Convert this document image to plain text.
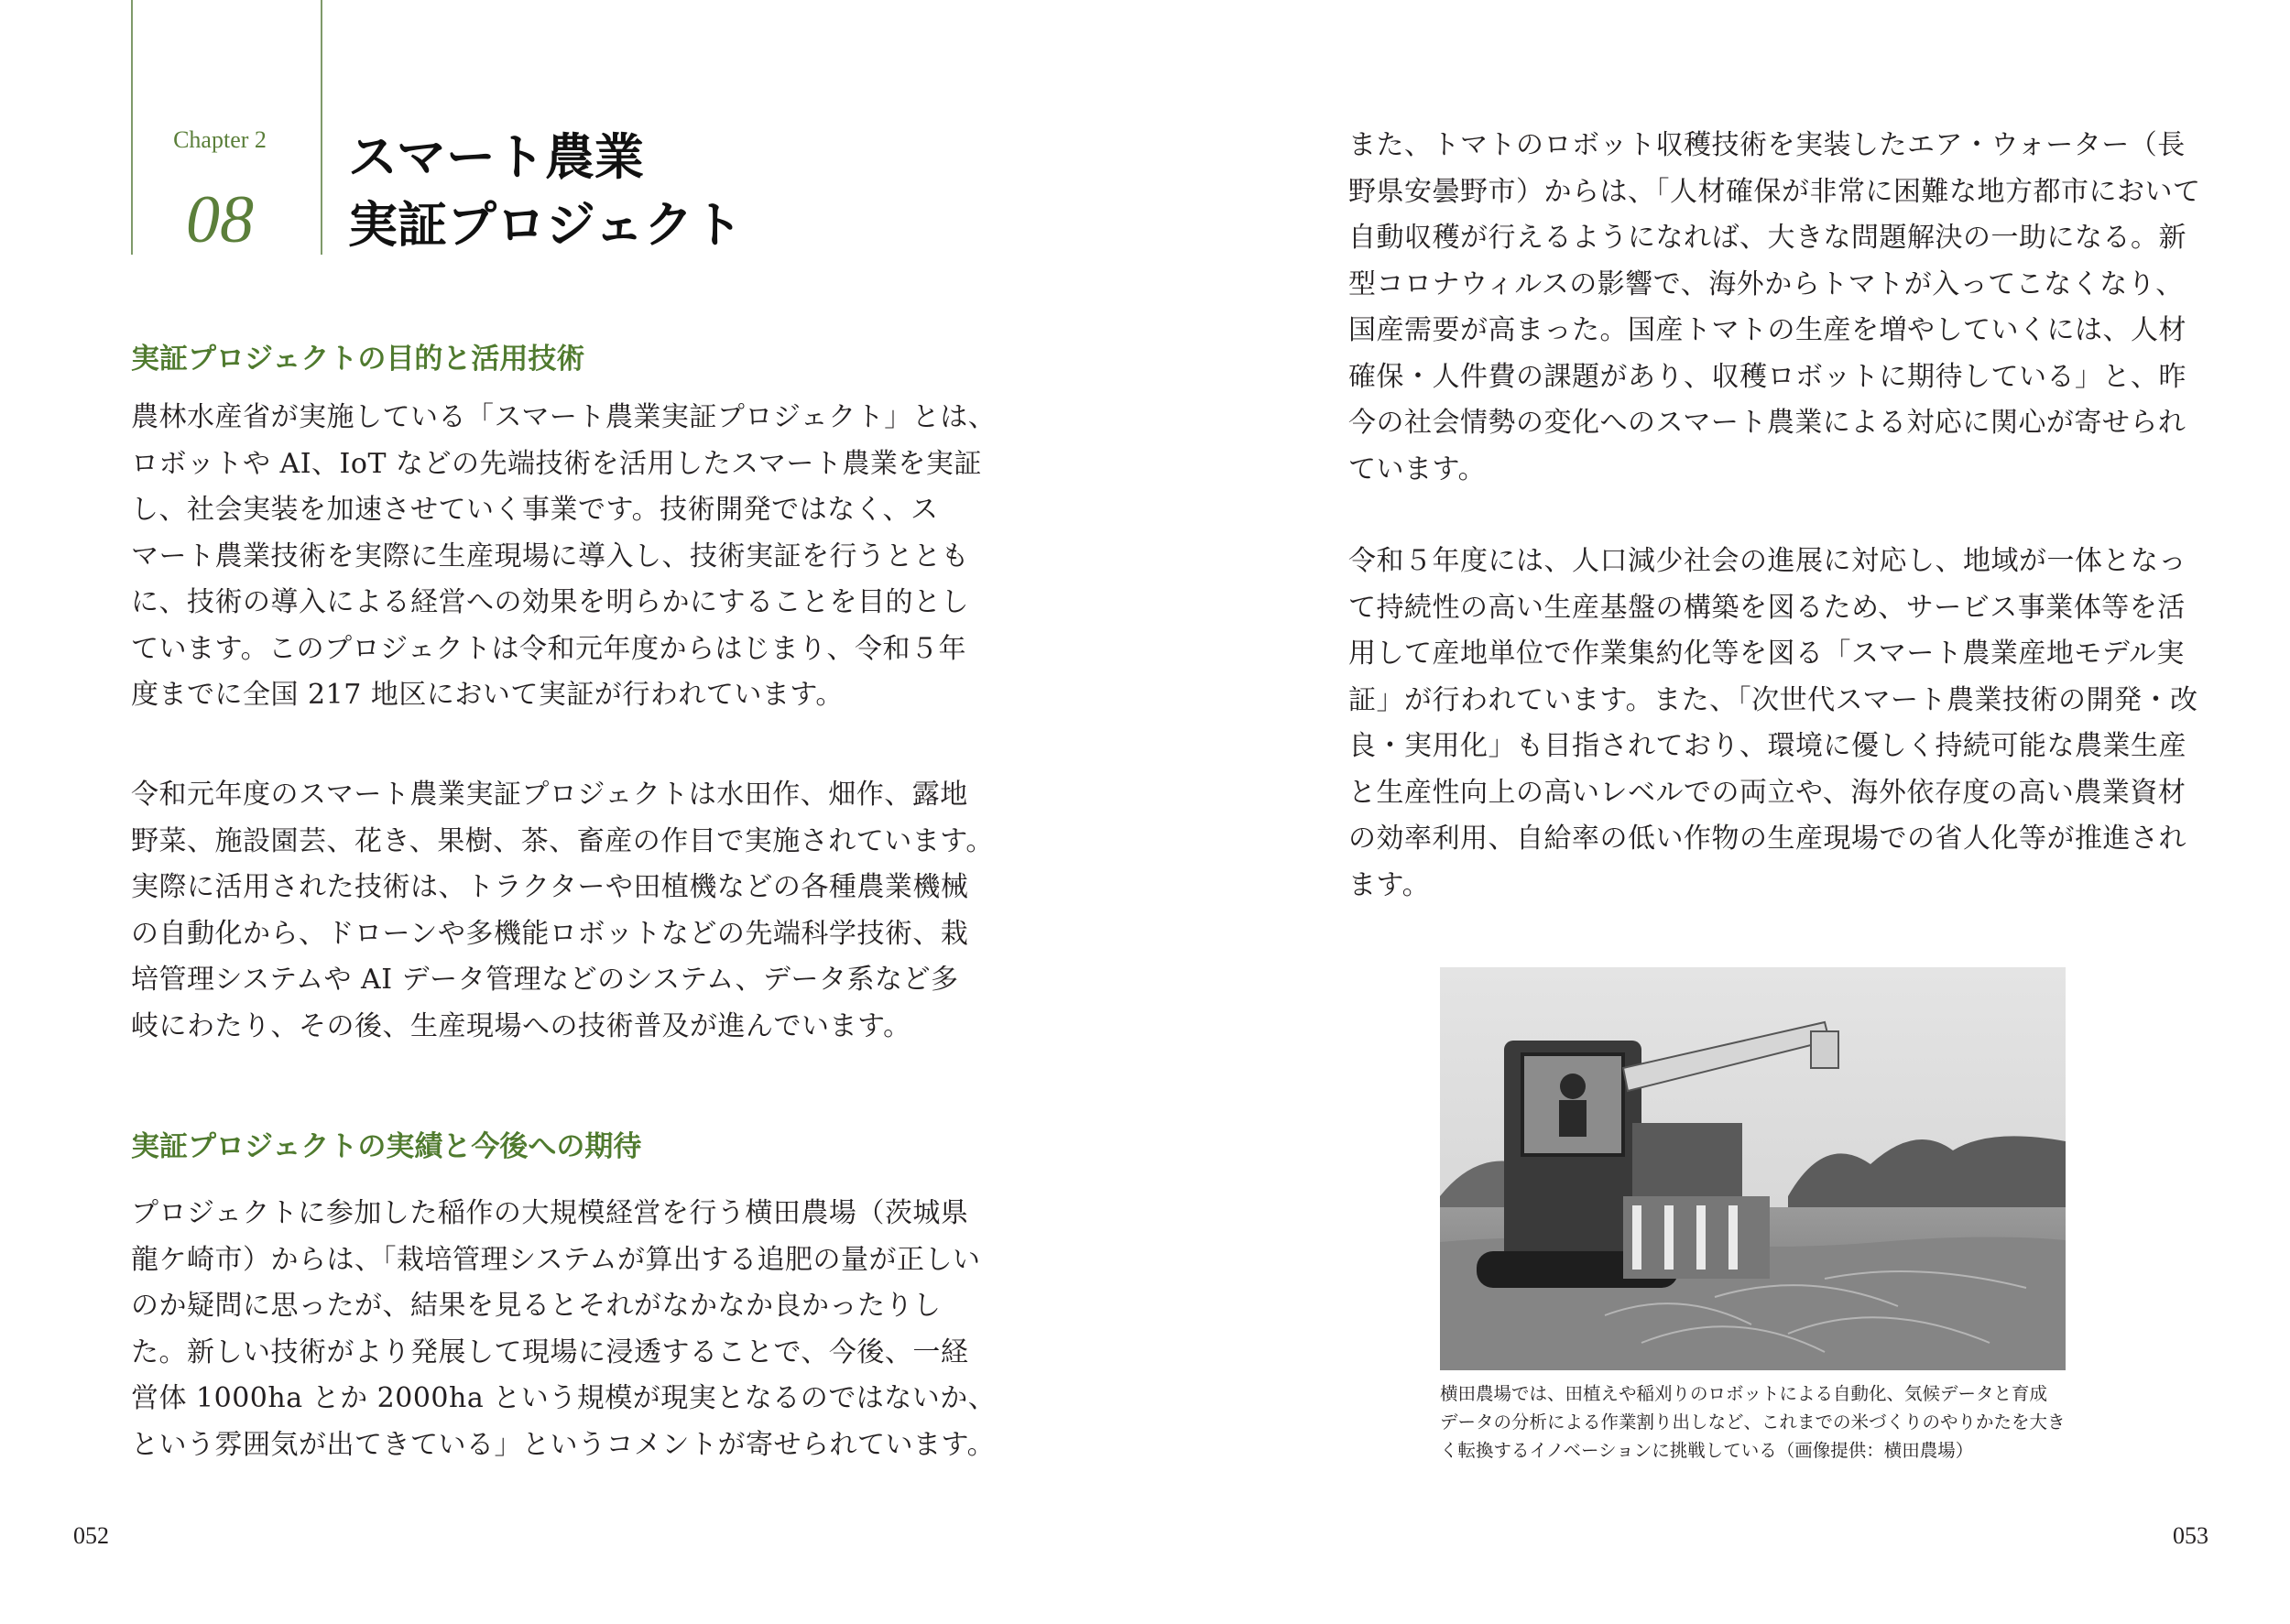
Chapter 2

08

スマート農業

実証プロジェクト

実証プロジェクトの目的と活用技術

農林水産省が実施している「スマート農業実証プロジェクト」とは、
ロボットや AI、IoT などの先端技術を活用したスマート農業を実証
し、社会実装を加速させていく事業です。技術開発ではなく、ス
マート農業技術を実際に生産現場に導入し、技術実証を行うととも
に、技術の導入による経営への効果を明らかにすることを目的とし
ています。このプロジェクトは令和元年度からはじまり、令和５年
度までに全国 217 地区において実証が行われています。
令和元年度のスマート農業実証プロジェクトは水田作、畑作、露地
野菜、施設園芸、花き、果樹、茶、畜産の作目で実施されています。
実際に活用された技術は、トラクターや田植機などの各種農業機械
の自動化から、ドローンや多機能ロボットなどの先端科学技術、栽
培管理システムや AI データ管理などのシステム、データ系など多
岐にわたり、その後、生産現場への技術普及が進んでいます。

実証プロジェクトの実績と今後への期待

プロジェクトに参加した稲作の大規模経営を行う横田農場（茨城県
龍ケ崎市）からは、「栽培管理システムが算出する追肥の量が正しい
のか疑問に思ったが、結果を見るとそれがなかなか良かったりし
た。新しい技術がより発展して現場に浸透することで、今後、一経
営体 1000ha とか 2000ha という規模が現実となるのではないか、
という雰囲気が出てきている」というコメントが寄せられています。

052

また、トマトのロボット収穫技術を実装したエア・ウォーター（長
野県安曇野市）からは、「人材確保が非常に困難な地方都市において
自動収穫が行えるようになれば、大きな問題解決の一助になる。新
型コロナウィルスの影響で、海外からトマトが入ってこなくなり、
国産需要が高まった。国産トマトの生産を増やしていくには、人材
確保・人件費の課題があり、収穫ロボットに期待している」と、昨
今の社会情勢の変化へのスマート農業による対応に関心が寄せられ
ています。
令和５年度には、人口減少社会の進展に対応し、地域が一体となっ
て持続性の高い生産基盤の構築を図るため、サービス事業体等を活
用して産地単位で作業集約化等を図る「スマート農業産地モデル実
証」が行われています。また、「次世代スマート農業技術の開発・改
良・実用化」も目指されており、環境に優しく持続可能な農業生産
と生産性向上の高いレベルでの両立や、海外依存度の高い農業資材
の効率利用、自給率の低い作物の生産現場での省人化等が推進され
ます。
横田農場では、田植えや稲刈りのロボットによる自動化、気候データと育成
データの分析による作業割り出しなど、これまでの米づくりのやりかたを大き
く転換するイノベーションに挑戦している（画像提供：横田農場）

053
